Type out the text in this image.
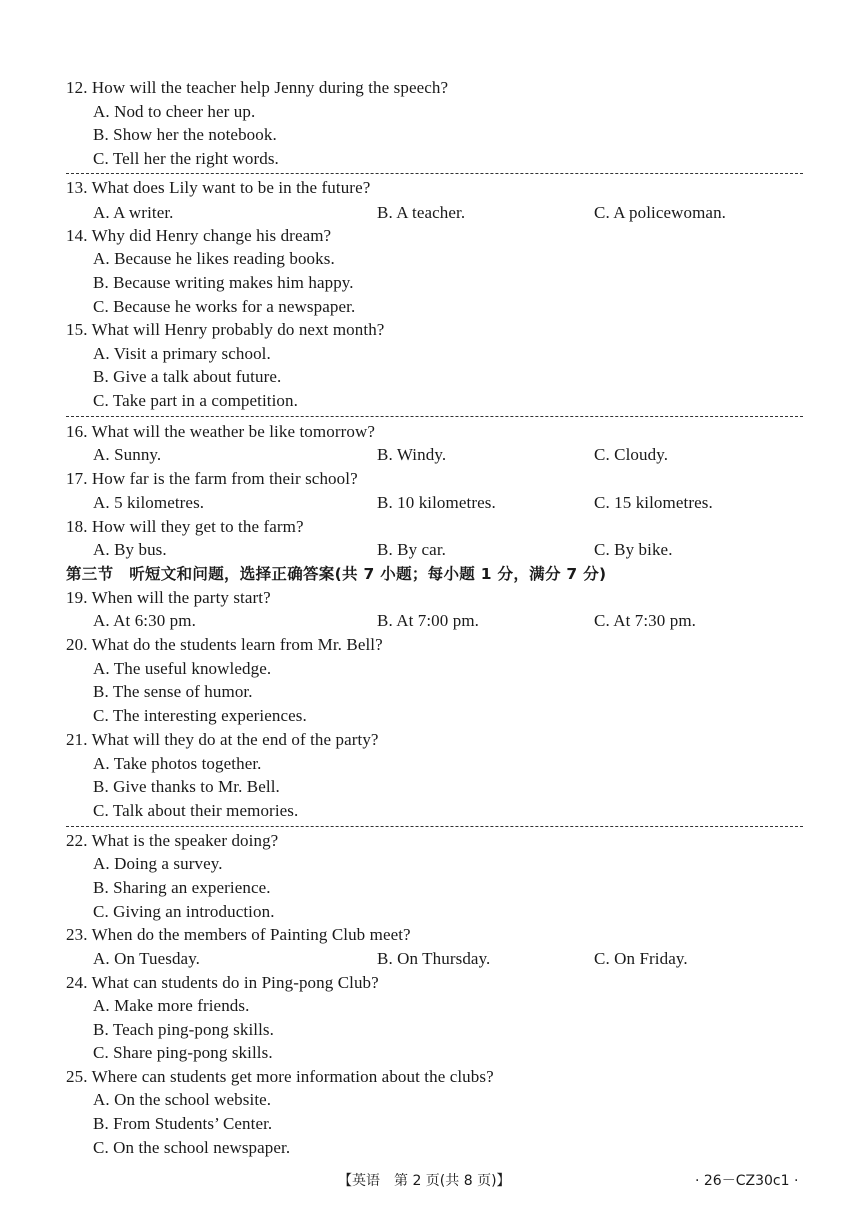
12. How will the teacher help Jenny during the speech?
A. Nod to cheer her up.
B. Show her the notebook.
C. Tell her the right words.
13. What does Lily want to be in the future?
A. A writer.	B. A teacher.	C. A policewoman.
14. Why did Henry change his dream?
A. Because he likes reading books.
B. Because writing makes him happy.
C. Because he works for a newspaper.
15. What will Henry probably do next month?
A. Visit a primary school.
B. Give a talk about future.
C. Take part in a competition.
16. What will the weather be like tomorrow?
A. Sunny.	B. Windy.	C. Cloudy.
17. How far is the farm from their school?
A. 5 kilometres.	B. 10 kilometres.	C. 15 kilometres.
18. How will they get to the farm?
A. By bus.	B. By car.	C. By bike.
第三节　听短文和问题，选择正确答案(共 7 小题；每小题 1 分，满分 7 分)
19. When will the party start?
A. At 6:30 pm.	B. At 7:00 pm.	C. At 7:30 pm.
20. What do the students learn from Mr. Bell?
A. The useful knowledge.
B. The sense of humor.
C. The interesting experiences.
21. What will they do at the end of the party?
A. Take photos together.
B. Give thanks to Mr. Bell.
C. Talk about their memories.
22. What is the speaker doing?
A. Doing a survey.
B. Sharing an experience.
C. Giving an introduction.
23. When do the members of Painting Club meet?
A. On Tuesday.	B. On Thursday.	C. On Friday.
24. What can students do in Ping-pong Club?
A. Make more friends.
B. Teach ping-pong skills.
C. Share ping-pong skills.
25. Where can students get more information about the clubs?
A. On the school website.
B. From Students’ Center.
C. On the school newspaper.
【英语　第 2 页(共 8 页)】	· 26－CZ30c1 ·
